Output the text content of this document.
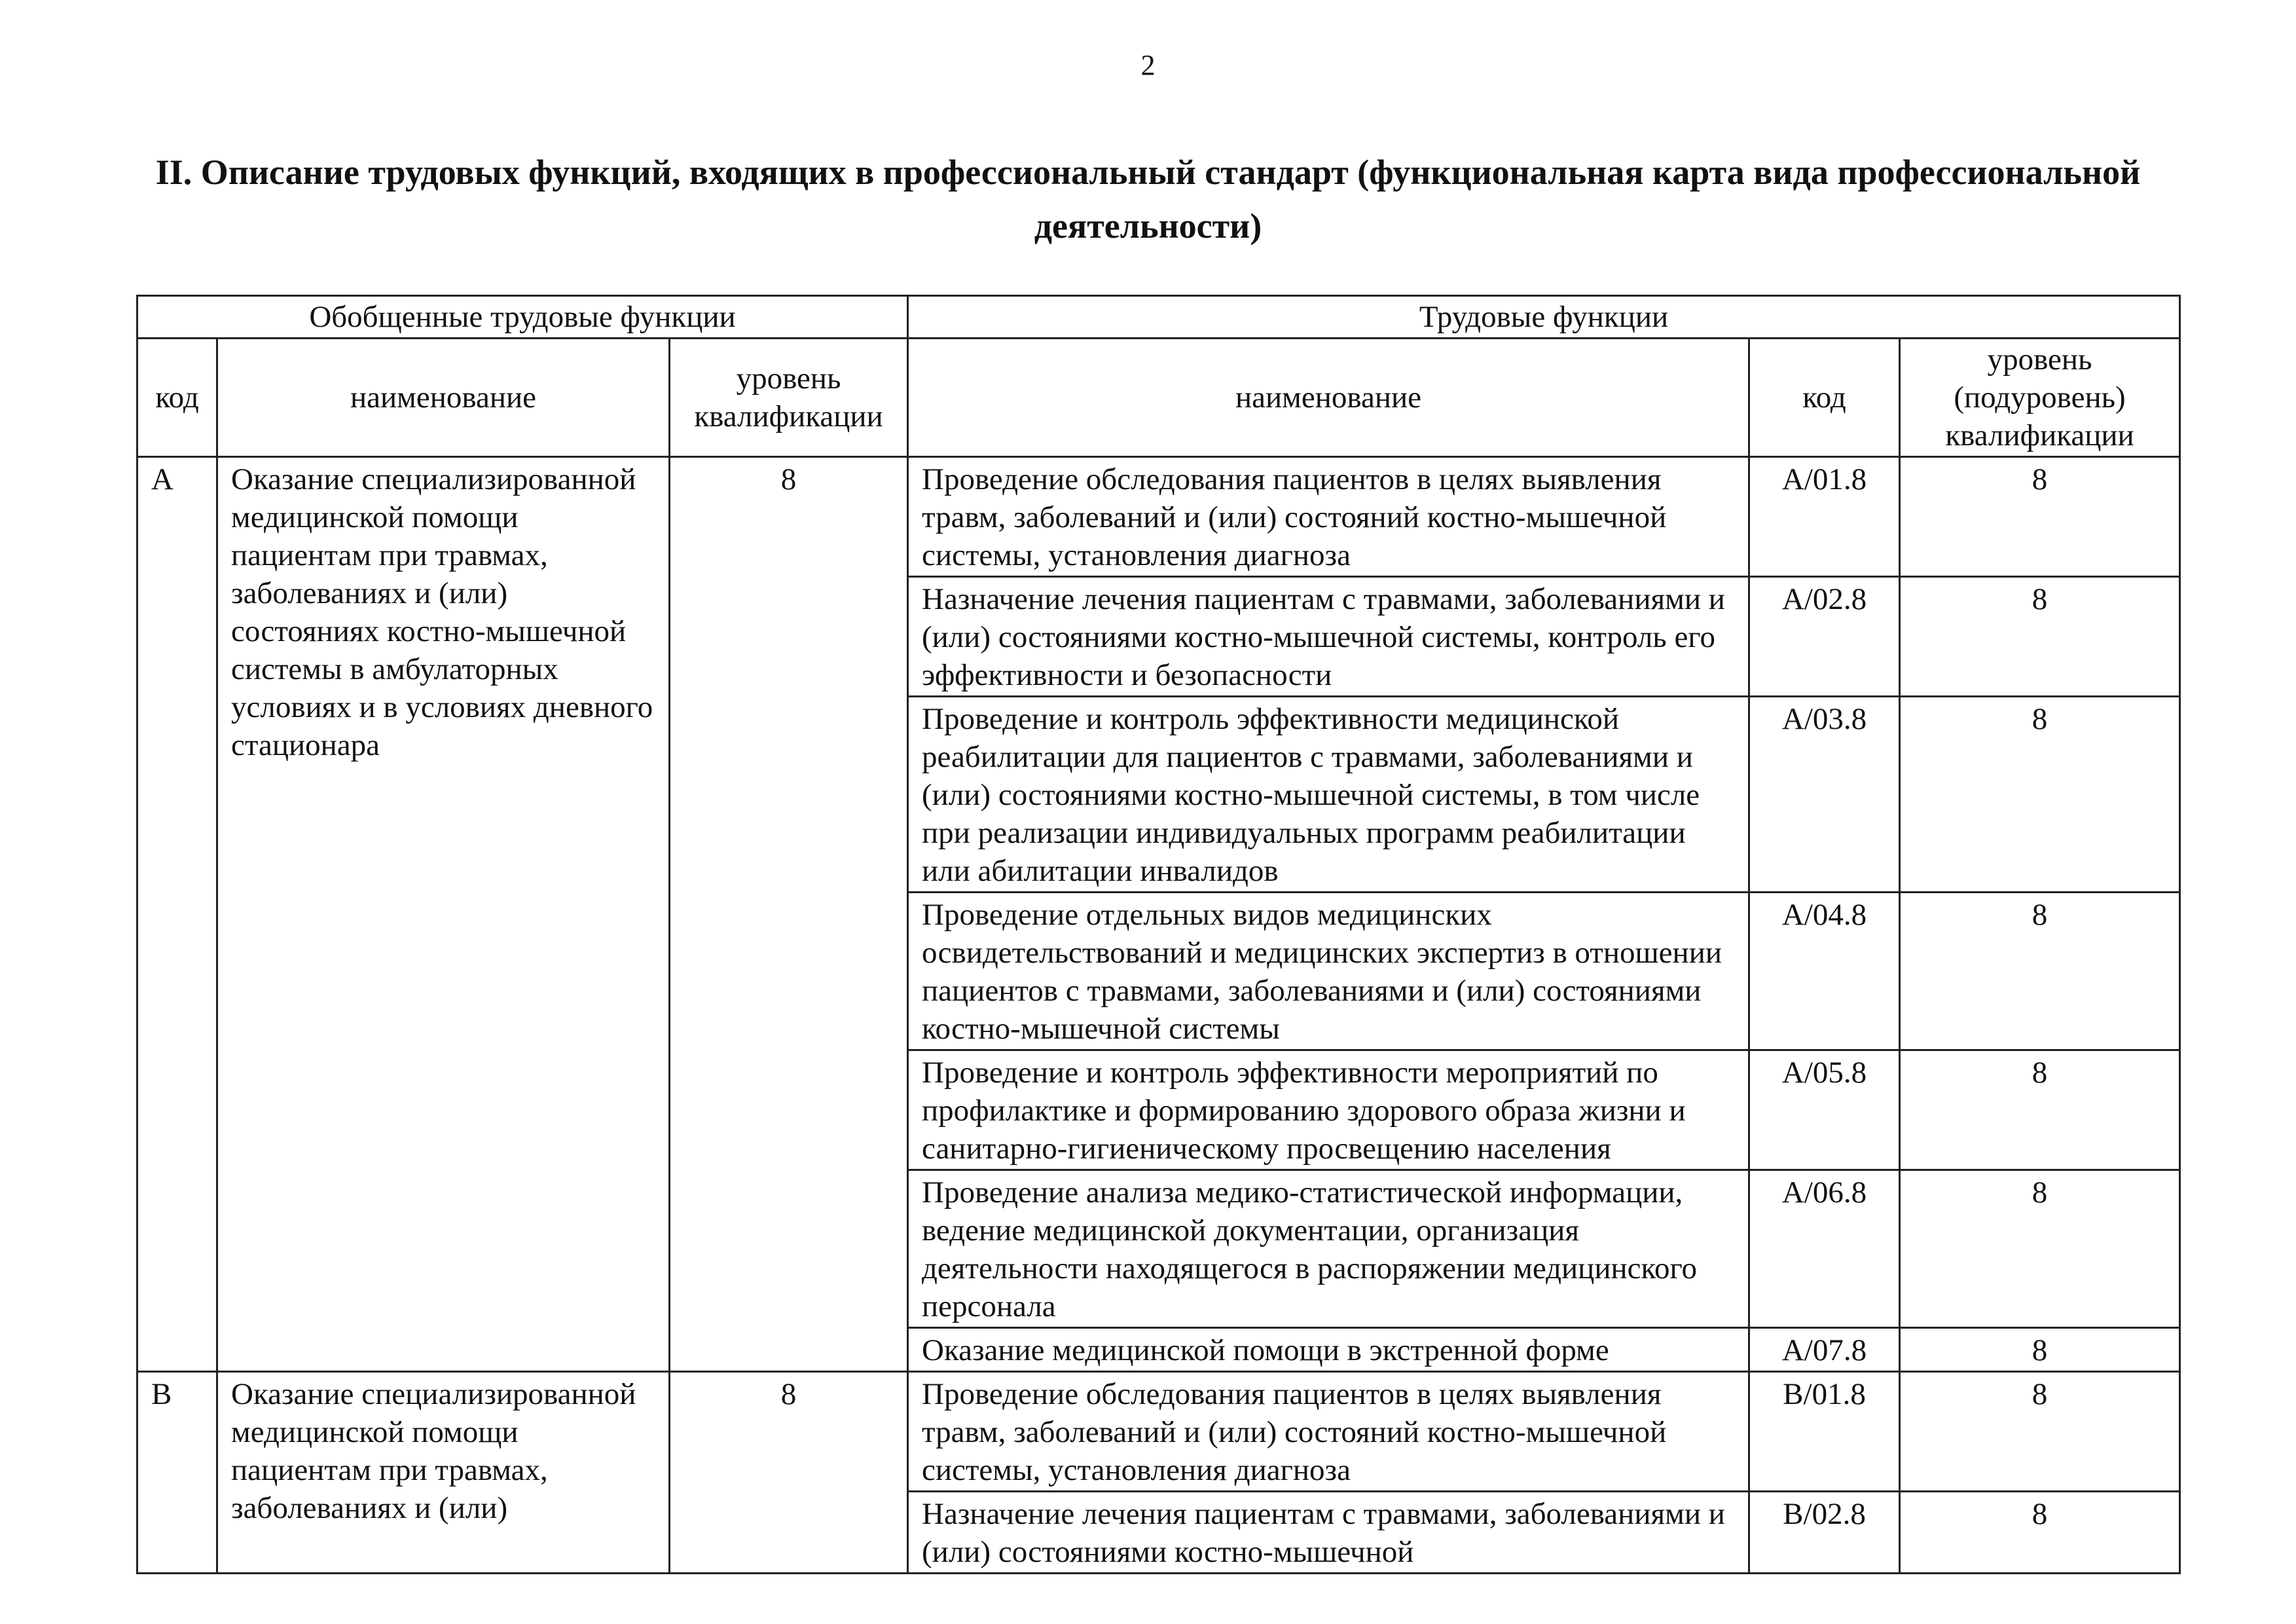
2
II. Описание трудовых функций, входящих в профессиональный стандарт (функциональная карта вида профессиональной деятельности)
Обобщенные трудовые функции			Трудовые функции		
код	наименование	уровень квалификации	наименование	код	уровень (подуровень) квалификации
А	Оказание специализированной медицинской помощи пациентам при травмах, заболеваниях и (или) состояниях костно-мышечной системы в амбулаторных условиях и в условиях дневного стационара	8	Проведение обследования пациентов в целях выявления травм, заболеваний и (или) состояний костно-мышечной системы, установления диагноза	A/01.8	8
			Назначение лечения пациентам с травмами, заболеваниями и (или) состояниями костно-мышечной системы, контроль его эффективности и безопасности	A/02.8	8
			Проведение и контроль эффективности медицинской реабилитации для пациентов с травмами, заболеваниями и (или) состояниями костно-мышечной системы, в том числе при реализации индивидуальных программ реабилитации или абилитации инвалидов	A/03.8	8
			Проведение отдельных видов медицинских освидетельствований и медицинских экспертиз в отношении пациентов с травмами, заболеваниями и (или) состояниями костно-мышечной системы	A/04.8	8
			Проведение и контроль эффективности мероприятий по профилактике и формированию здорового образа жизни и санитарно-гигиеническому просвещению населения	A/05.8	8
			Проведение анализа медико-статистической информации, ведение медицинской документации, организация деятельности находящегося в распоряжении медицинского персонала	A/06.8	8
			Оказание медицинской помощи в экстренной форме	A/07.8	8
В	Оказание специализированной медицинской помощи пациентам при травмах, заболеваниях и (или)	8	Проведение обследования пациентов в целях выявления травм, заболеваний и (или) состояний костно-мышечной системы, установления диагноза	B/01.8	8
			Назначение лечения пациентам с травмами, заболеваниями и (или) состояниями костно-мышечной	B/02.8	8
